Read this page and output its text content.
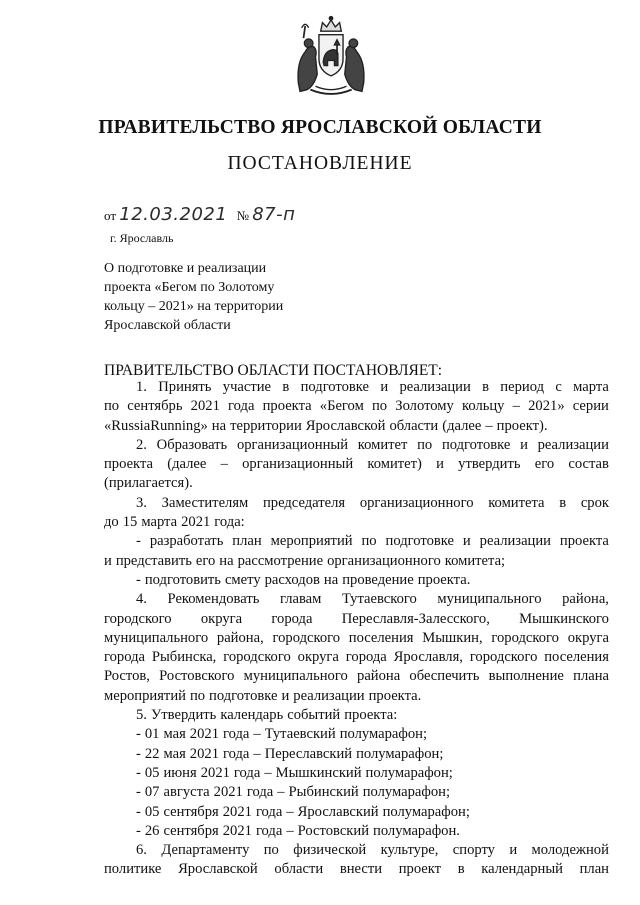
ПРАВИТЕЛЬСТВО ЯРОСЛАВСКОЙ ОБЛАСТИ
ПОСТАНОВЛЕНИЕ
от 12.03.2021 № 87-п
г. Ярославль
О подготовке и реализации
проекта «Бегом по Золотому
кольцу – 2021» на территории
Ярославской области
ПРАВИТЕЛЬСТВО ОБЛАСТИ ПОСТАНОВЛЯЕТ:
1. Принять участие в подготовке и реализации в период с марта
по сентябрь 2021 года проекта «Бегом по Золотому кольцу – 2021» серии
«RussiaRunning» на территории Ярославской области (далее – проект).
2. Образовать организационный комитет по подготовке и реализации
проекта (далее – организационный комитет) и утвердить его состав
(прилагается).
3. Заместителям председателя организационного комитета в срок
до 15 марта 2021 года:
- разработать план мероприятий по подготовке и реализации проекта
и представить его на рассмотрение организационного комитета;
- подготовить смету расходов на проведение проекта.
4. Рекомендовать главам Тутаевского муниципального района,
городского округа города Переславля-Залесского, Мышкинского
муниципального района, городского поселения Мышкин, городского округа
города Рыбинска, городского округа города Ярославля, городского поселения
Ростов, Ростовского муниципального района обеспечить выполнение плана
мероприятий по подготовке и реализации проекта.
5. Утвердить календарь событий проекта:
- 01 мая 2021 года – Тутаевский полумарафон;
- 22 мая 2021 года – Переславский полумарафон;
- 05 июня 2021 года – Мышкинский полумарафон;
- 07 августа 2021 года – Рыбинский полумарафон;
- 05 сентября 2021 года – Ярославский полумарафон;
- 26 сентября 2021 года – Ростовский полумарафон.
6. Департаменту по физической культуре, спорту и молодежной
политике Ярославской области внести проект в календарный план
